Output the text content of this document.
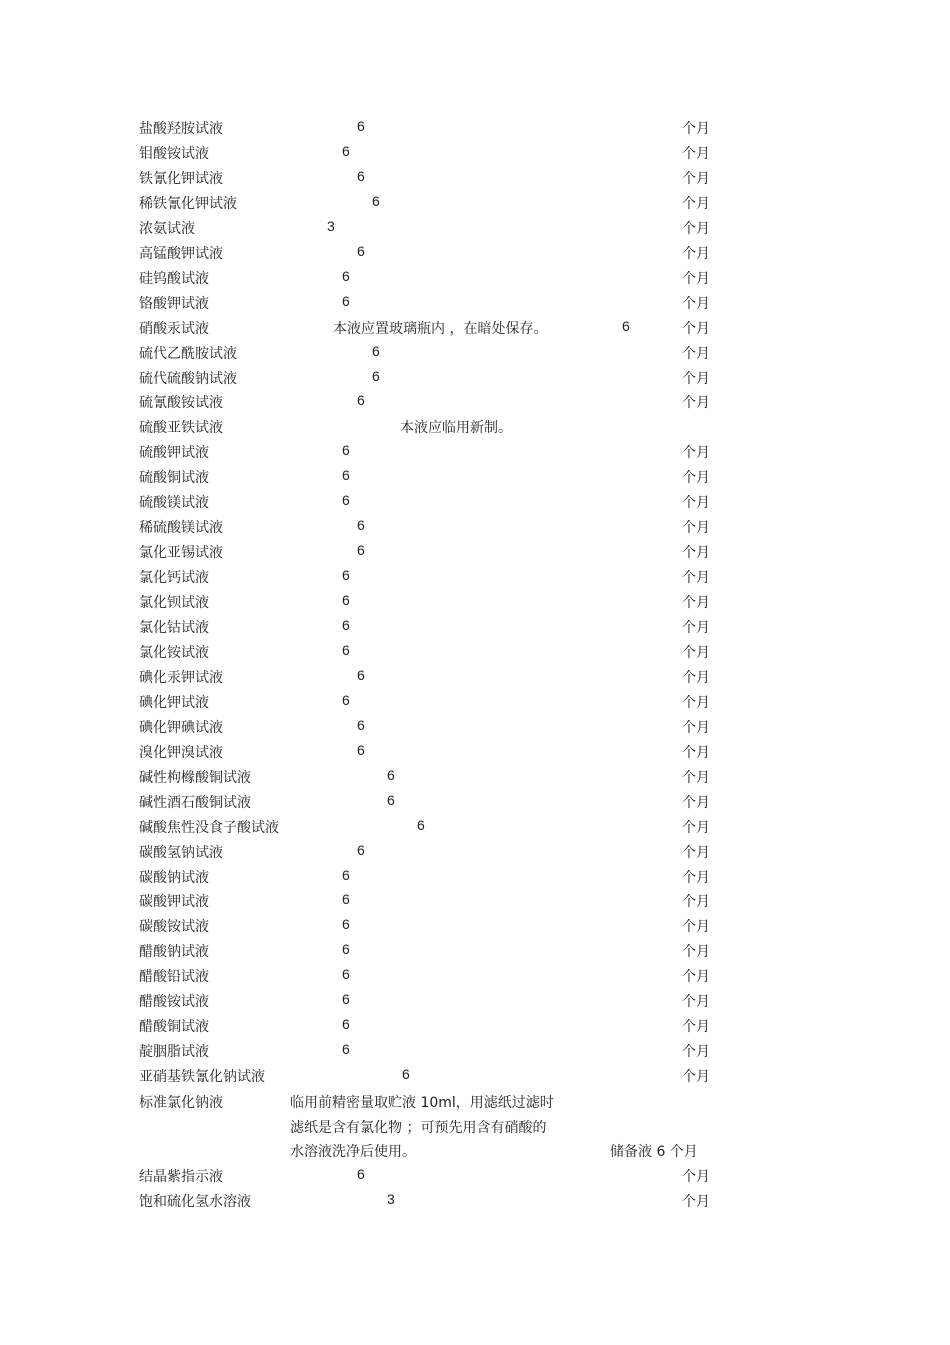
盐酸羟胺试液	6	个月
钼酸铵试液	6	个月
铁氰化钾试液	6	个月
稀铁氰化钾试液	6	个月
浓氨试液	3	个月
高锰酸钾试液	6	个月
硅钨酸试液	6	个月
铬酸钾试液	6	个月
硝酸汞试液	本液应置玻璃瓶内 ，在暗处保存。	6	个月
硫代乙酰胺试液	6	个月
硫代硫酸钠试液	6	个月
硫氰酸铵试液	6	个月
硫酸亚铁试液	本液应临用新制。
硫酸钾试液	6	个月
硫酸铜试液	6	个月
硫酸镁试液	6	个月
稀硫酸镁试液	6	个月
氯化亚锡试液	6	个月
氯化钙试液	6	个月
氯化钡试液	6	个月
氯化钴试液	6	个月
氯化铵试液	6	个月
碘化汞钾试液	6	个月
碘化钾试液	6	个月
碘化钾碘试液	6	个月
溴化钾溴试液	6	个月
碱性枸橼酸铜试液	6	个月
碱性酒石酸铜试液	6	个月
碱酸焦性没食子酸试液	6	个月
碳酸氢钠试液	6	个月
碳酸钠试液	6	个月
碳酸钾试液	6	个月
碳酸铵试液	6	个月
醋酸钠试液	6	个月
醋酸铅试液	6	个月
醋酸铵试液	6	个月
醋酸铜试液	6	个月
靛胭脂试液	6	个月
亚硝基铁氰化钠试液	6	个月
标准氯化钠液	临用前精密量取贮液 10ml，用滤纸过滤时
滤纸是含有氯化物 ；可预先用含有硝酸的
水溶液洗净后使用。	储备液 6 个月
结晶紫指示液	6	个月
饱和硫化氢水溶液	3	个月
